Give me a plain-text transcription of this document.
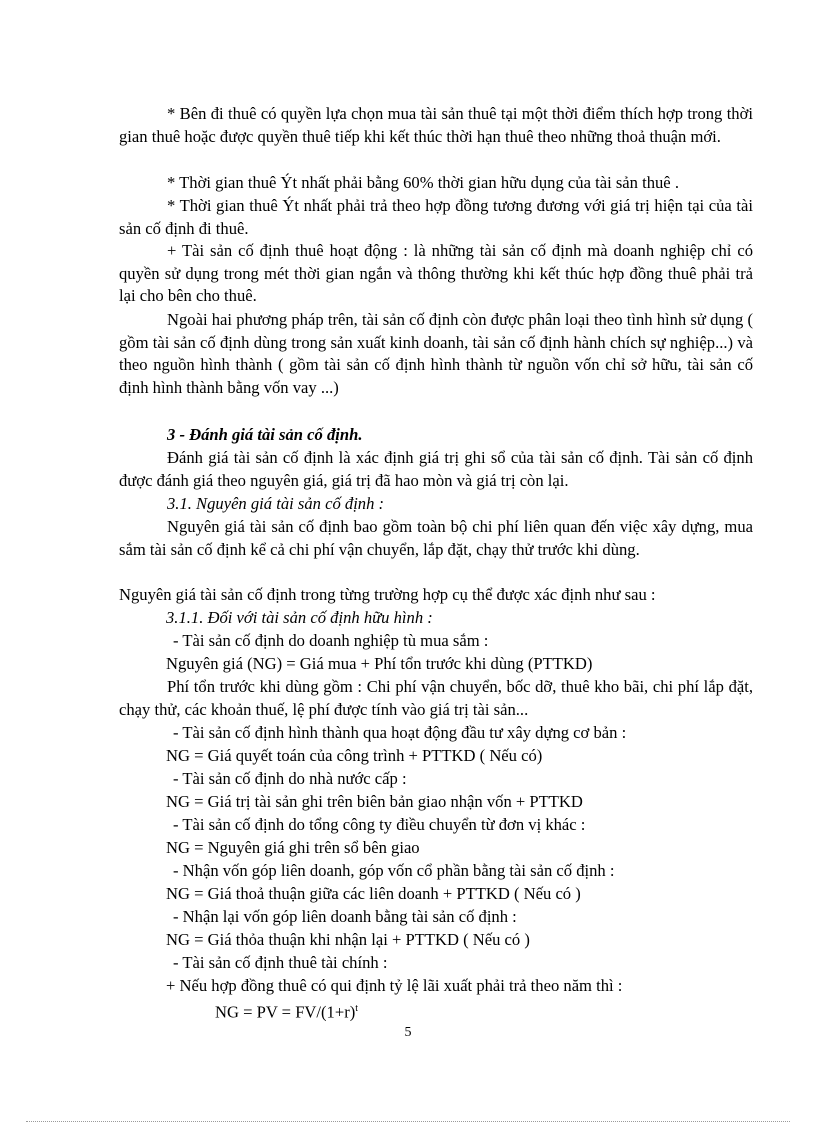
* Bên đi thuê có quyền lựa chọn mua tài sản thuê tại một thời điểm thích hợp trong thời gian thuê hoặc được quyền thuê tiếp khi kết thúc thời hạn thuê theo những thoả thuận mới.

* Thời gian thuê Ýt nhất phải bằng 60% thời gian hữu dụng của tài sản thuê .

* Thời gian thuê Ýt nhất phải trả theo hợp đồng tương đương với giá trị hiện tại của tài sản cố định đi thuê.

+ Tài sản cố định thuê hoạt động : là những tài sản cố định mà doanh nghiệp chỉ có quyền sử dụng trong mét thời gian ngắn và thông thường khi kết thúc hợp đồng thuê phải trả lại cho bên cho thuê.

Ngoài hai phương pháp trên, tài sản cố định còn được phân loại theo tình hình sử dụng ( gồm tài sản cố định dùng trong sản xuất kinh doanh, tài sản cố định hành chích sự nghiệp...) và theo nguồn hình thành ( gồm tài sản cố định hình thành từ nguồn vốn chỉ sở hữu, tài sản cố định hình thành bằng vốn vay ...)

3 - Đánh giá tài sản cố định.

Đánh giá tài sản cố định là xác định giá trị ghi sổ của tài sản cố định. Tài sản cố định được đánh giá theo nguyên giá, giá trị đã hao mòn và giá trị còn lại.

3.1. Nguyên giá tài sản cố định :

Nguyên giá tài sản cố định bao gồm toàn bộ chi phí liên quan đến việc xây dựng, mua sắm tài sản cố định kể cả chi phí vận chuyển, lắp đặt, chạy thử trước khi dùng.

Nguyên giá tài sản cố định trong từng trường hợp cụ thể được xác định như sau :

3.1.1. Đối với tài sản cố định hữu hình :

- Tài sản cố định do doanh nghiệp tù mua sắm :

Nguyên giá (NG) = Giá mua + Phí tổn trước khi dùng (PTTKD)

Phí tổn trước khi dùng gồm : Chi phí vận chuyển, bốc dỡ, thuê kho bãi, chi phí lắp đặt, chạy thử, các khoản thuế, lệ phí được tính vào giá trị tài sản...

- Tài sản cố định hình thành qua hoạt động đầu tư xây dựng cơ bản :

NG = Giá quyết toán của công trình + PTTKD ( Nếu có)

- Tài sản cố định do nhà nước cấp :

NG = Giá trị tài sản ghi trên biên bản giao nhận vốn + PTTKD

- Tài sản cố định do tổng công ty điều chuyển từ đơn vị khác :

NG = Nguyên giá ghi trên sổ bên giao

- Nhận vốn góp liên doanh, góp vốn cổ phần bằng tài sản cố định :

NG = Giá thoả thuận giữa các liên doanh + PTTKD ( Nếu có )

- Nhận lại vốn góp liên doanh bằng tài sản cố định :

NG = Giá thỏa thuận khi nhận lại + PTTKD ( Nếu có )

- Tài sản cố định thuê tài chính :

+ Nếu hợp đồng thuê có qui định tỷ lệ lãi xuất phải trả theo năm thì :

NG = PV = $FV/(1+r)^t$

5
